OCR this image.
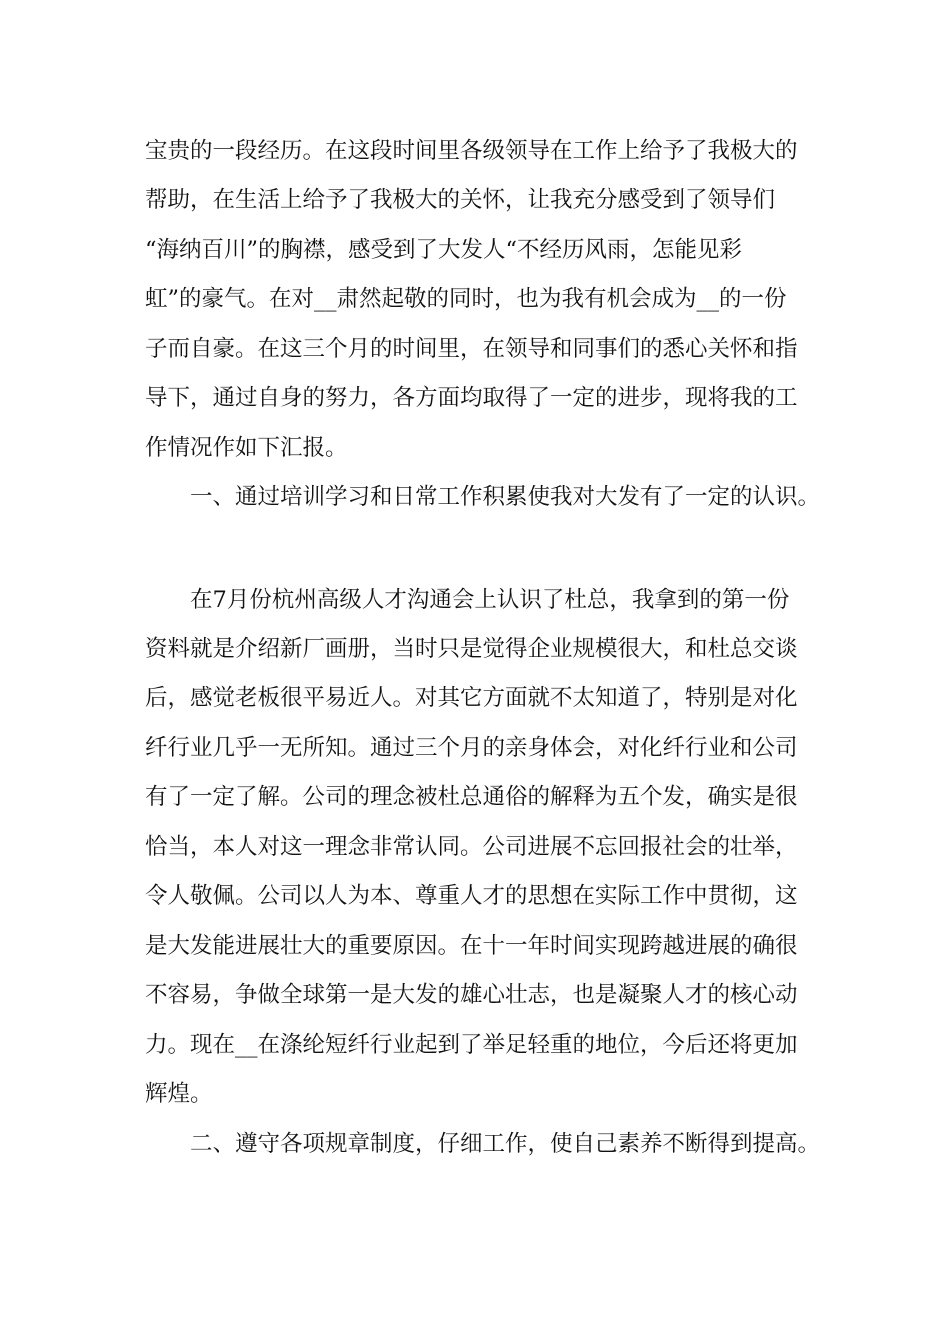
宝贵的一段经历。在这段时间里各级领导在工作上给予了我极大的

帮助，在生活上给予了我极大的关怀，让我充分感受到了领导们

“海纳百川”的胸襟，感受到了大发人“不经历风雨，怎能见彩

虹”的豪气。在对__肃然起敬的同时，也为我有机会成为__的一份

子而自豪。在这三个月的时间里，在领导和同事们的悉心关怀和指

导下，通过自身的努力，各方面均取得了一定的进步，现将我的工

作情况作如下汇报。

一、通过培训学习和日常工作积累使我对大发有了一定的认识。

在7月份杭州高级人才沟通会上认识了杜总，我拿到的第一份

资料就是介绍新厂画册，当时只是觉得企业规模很大，和杜总交谈

后，感觉老板很平易近人。对其它方面就不太知道了，特别是对化

纤行业几乎一无所知。通过三个月的亲身体会，对化纤行业和公司

有了一定了解。公司的理念被杜总通俗的解释为五个发，确实是很

恰当，本人对这一理念非常认同。公司进展不忘回报社会的壮举，

令人敬佩。公司以人为本、尊重人才的思想在实际工作中贯彻，这

是大发能进展壮大的重要原因。在十一年时间实现跨越进展的确很

不容易，争做全球第一是大发的雄心壮志，也是凝聚人才的核心动

力。现在__在涤纶短纤行业起到了举足轻重的地位，今后还将更加

辉煌。

二、遵守各项规章制度，仔细工作，使自己素养不断得到提高。
